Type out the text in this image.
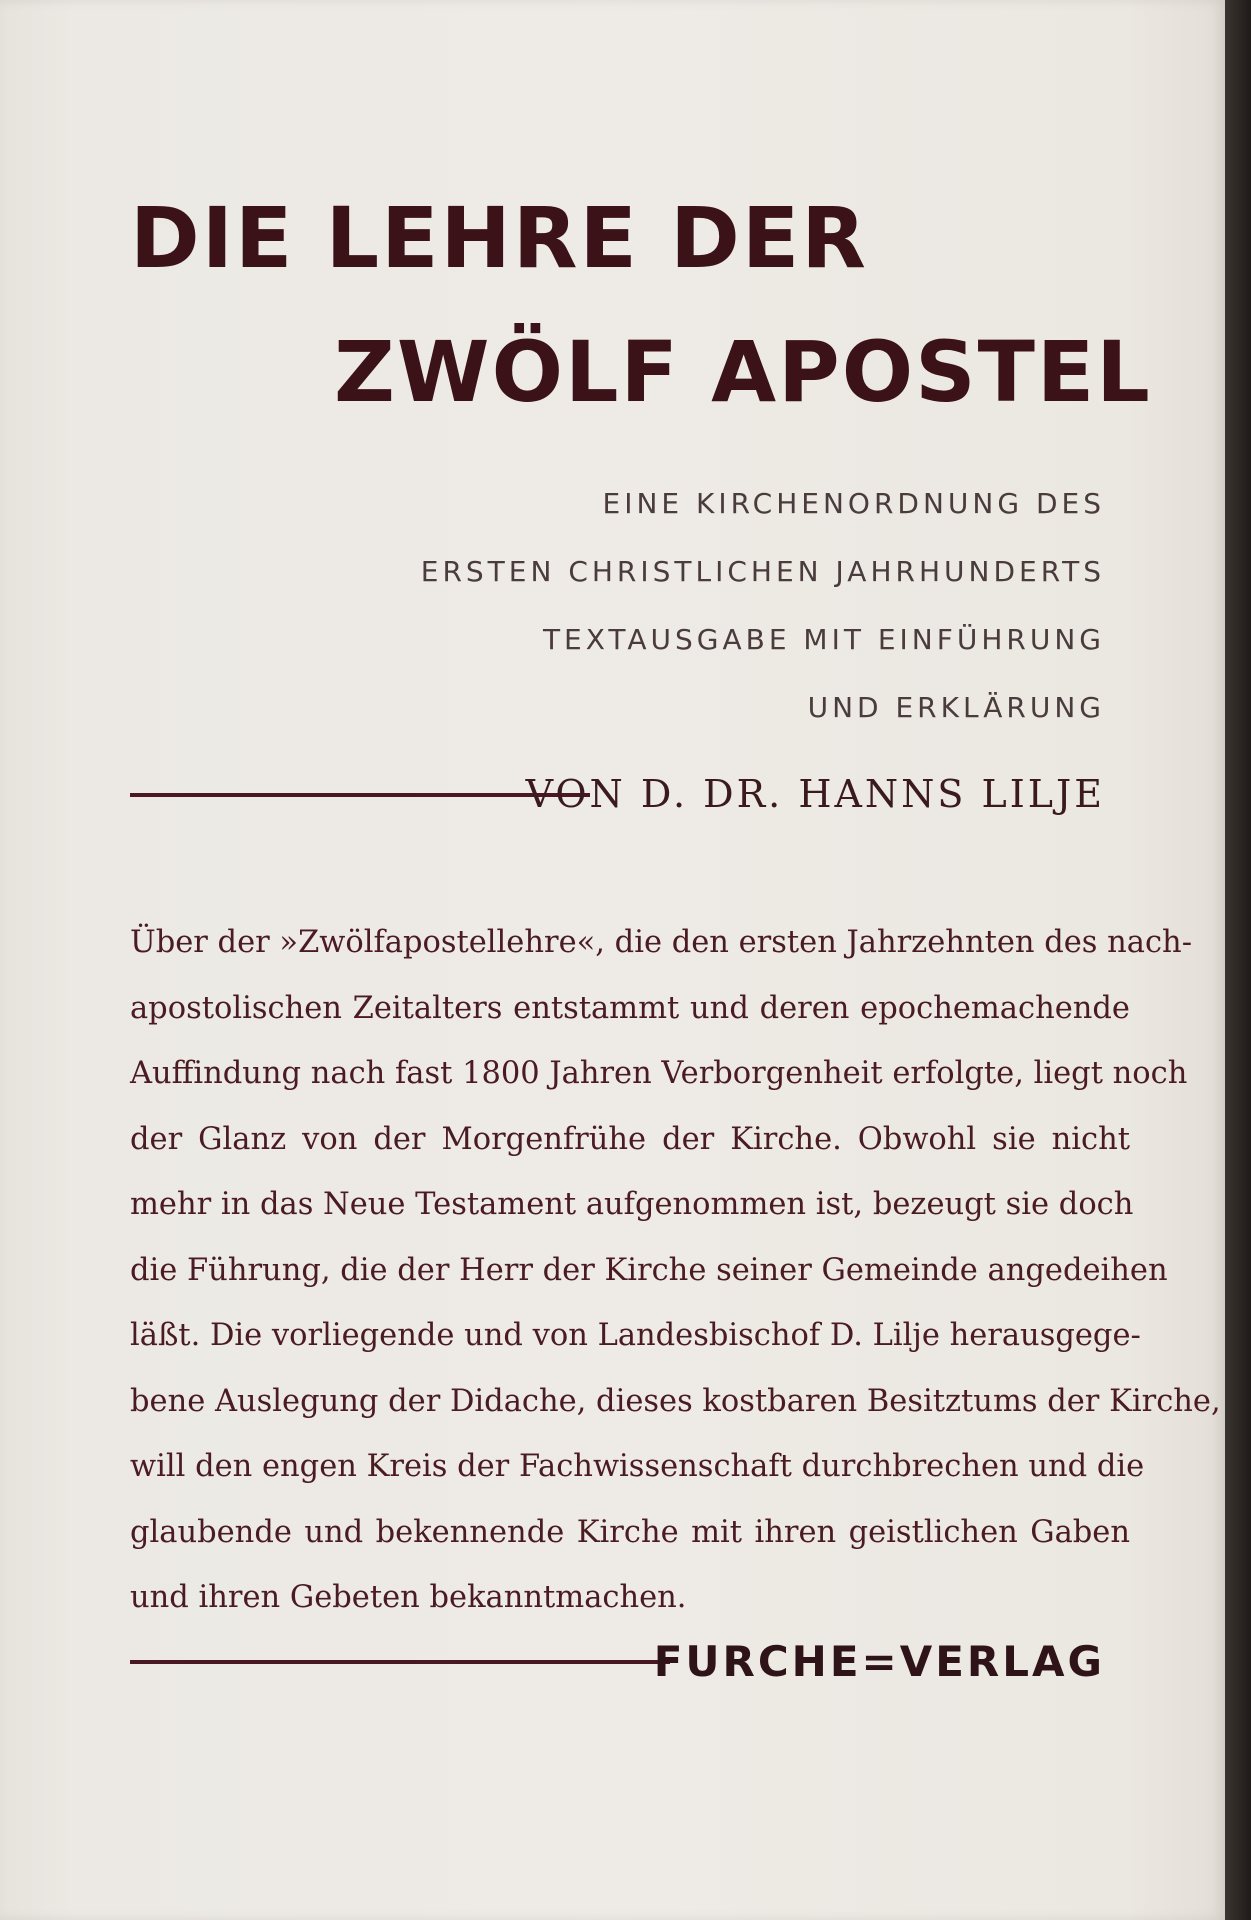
DIE LEHRE DER
ZWÖLF APOSTEL
EINE KIRCHENORDNUNG DES
ERSTEN CHRISTLICHEN JAHRHUNDERTS
TEXTAUSGABE MIT EINFÜHRUNG
UND ERKLÄRUNG
VON D. DR. HANNS LILJE
Über der »Zwölfapostellehre«, die den ersten Jahrzehnten des nach-
apostolischen Zeitalters entstammt und deren epochemachende
Auffindung nach fast 1800 Jahren Verborgenheit erfolgte, liegt noch
der Glanz von der Morgenfrühe der Kirche. Obwohl sie nicht
mehr in das Neue Testament aufgenommen ist, bezeugt sie doch
die Führung, die der Herr der Kirche seiner Gemeinde angedeihen
läßt. Die vorliegende und von Landesbischof D. Lilje herausgege-
bene Auslegung der Didache, dieses kostbaren Besitztums der Kirche,
will den engen Kreis der Fachwissenschaft durchbrechen und die
glaubende und bekennende Kirche mit ihren geistlichen Gaben
und ihren Gebeten bekanntmachen.
FURCHE=VERLAG
